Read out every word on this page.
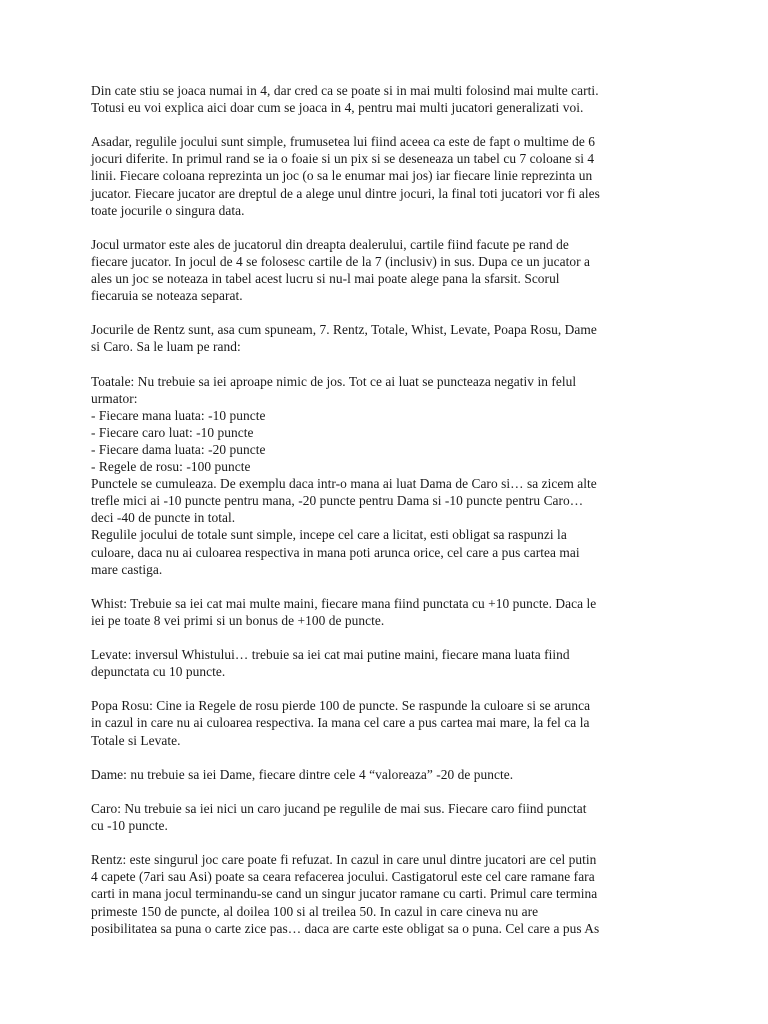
Din cate stiu se joaca numai in 4, dar cred ca se poate si in mai multi folosind mai multe carti.
Totusi eu voi explica aici doar cum se joaca in 4, pentru mai multi jucatori generalizati voi.

Asadar, regulile jocului sunt simple, frumusetea lui fiind aceea ca este de fapt o multime de 6
jocuri diferite. In primul rand se ia o foaie si un pix si se deseneaza un tabel cu 7 coloane si 4
linii. Fiecare coloana reprezinta un joc (o sa le enumar mai jos) iar fiecare linie reprezinta un
jucator. Fiecare jucator are dreptul de a alege unul dintre jocuri, la final toti jucatori vor fi ales
toate jocurile o singura data.

Jocul urmator este ales de jucatorul din dreapta dealerului, cartile fiind facute pe rand de
fiecare jucator. In jocul de 4 se folosesc cartile de la 7 (inclusiv) in sus. Dupa ce un jucator a
ales un joc se noteaza in tabel acest lucru si nu-l mai poate alege pana la sfarsit. Scorul
fiecaruia se noteaza separat.

Jocurile de Rentz sunt, asa cum spuneam, 7. Rentz, Totale, Whist, Levate, Poapa Rosu, Dame
si Caro. Sa le luam pe rand:

Toatale: Nu trebuie sa iei aproape nimic de jos. Tot ce ai luat se puncteaza negativ in felul
urmator:
- Fiecare mana luata: -10 puncte
- Fiecare caro luat: -10 puncte
- Fiecare dama luata: -20 puncte
- Regele de rosu: -100 puncte
Punctele se cumuleaza. De exemplu daca intr-o mana ai luat Dama de Caro si… sa zicem alte
trefle mici ai -10 puncte pentru mana, -20 puncte pentru Dama si -10 puncte pentru Caro…
deci -40 de puncte in total.
Regulile jocului de totale sunt simple, incepe cel care a licitat, esti obligat sa raspunzi la
culoare, daca nu ai culoarea respectiva in mana poti arunca orice, cel care a pus cartea mai
mare castiga.

Whist: Trebuie sa iei cat mai multe maini, fiecare mana fiind punctata cu +10 puncte. Daca le
iei pe toate 8 vei primi si un bonus de +100 de puncte.

Levate: inversul Whistului… trebuie sa iei cat mai putine maini, fiecare mana luata fiind
depunctata cu 10 puncte.

Popa Rosu: Cine ia Regele de rosu pierde 100 de puncte. Se raspunde la culoare si se arunca
in cazul in care nu ai culoarea respectiva. Ia mana cel care a pus cartea mai mare, la fel ca la
Totale si Levate.

Dame: nu trebuie sa iei Dame, fiecare dintre cele 4 “valoreaza” -20 de puncte.

Caro: Nu trebuie sa iei nici un caro jucand pe regulile de mai sus. Fiecare caro fiind punctat
cu -10 puncte.

Rentz: este singurul joc care poate fi refuzat. In cazul in care unul dintre jucatori are cel putin
4 capete (7ari sau Asi) poate sa ceara refacerea jocului. Castigatorul este cel care ramane fara
carti in mana jocul terminandu-se cand un singur jucator ramane cu carti. Primul care termina
primeste 150 de puncte, al doilea 100 si al treilea 50. In cazul in care cineva nu are
posibilitatea sa puna o carte zice pas… daca are carte este obligat sa o puna. Cel care a pus As
